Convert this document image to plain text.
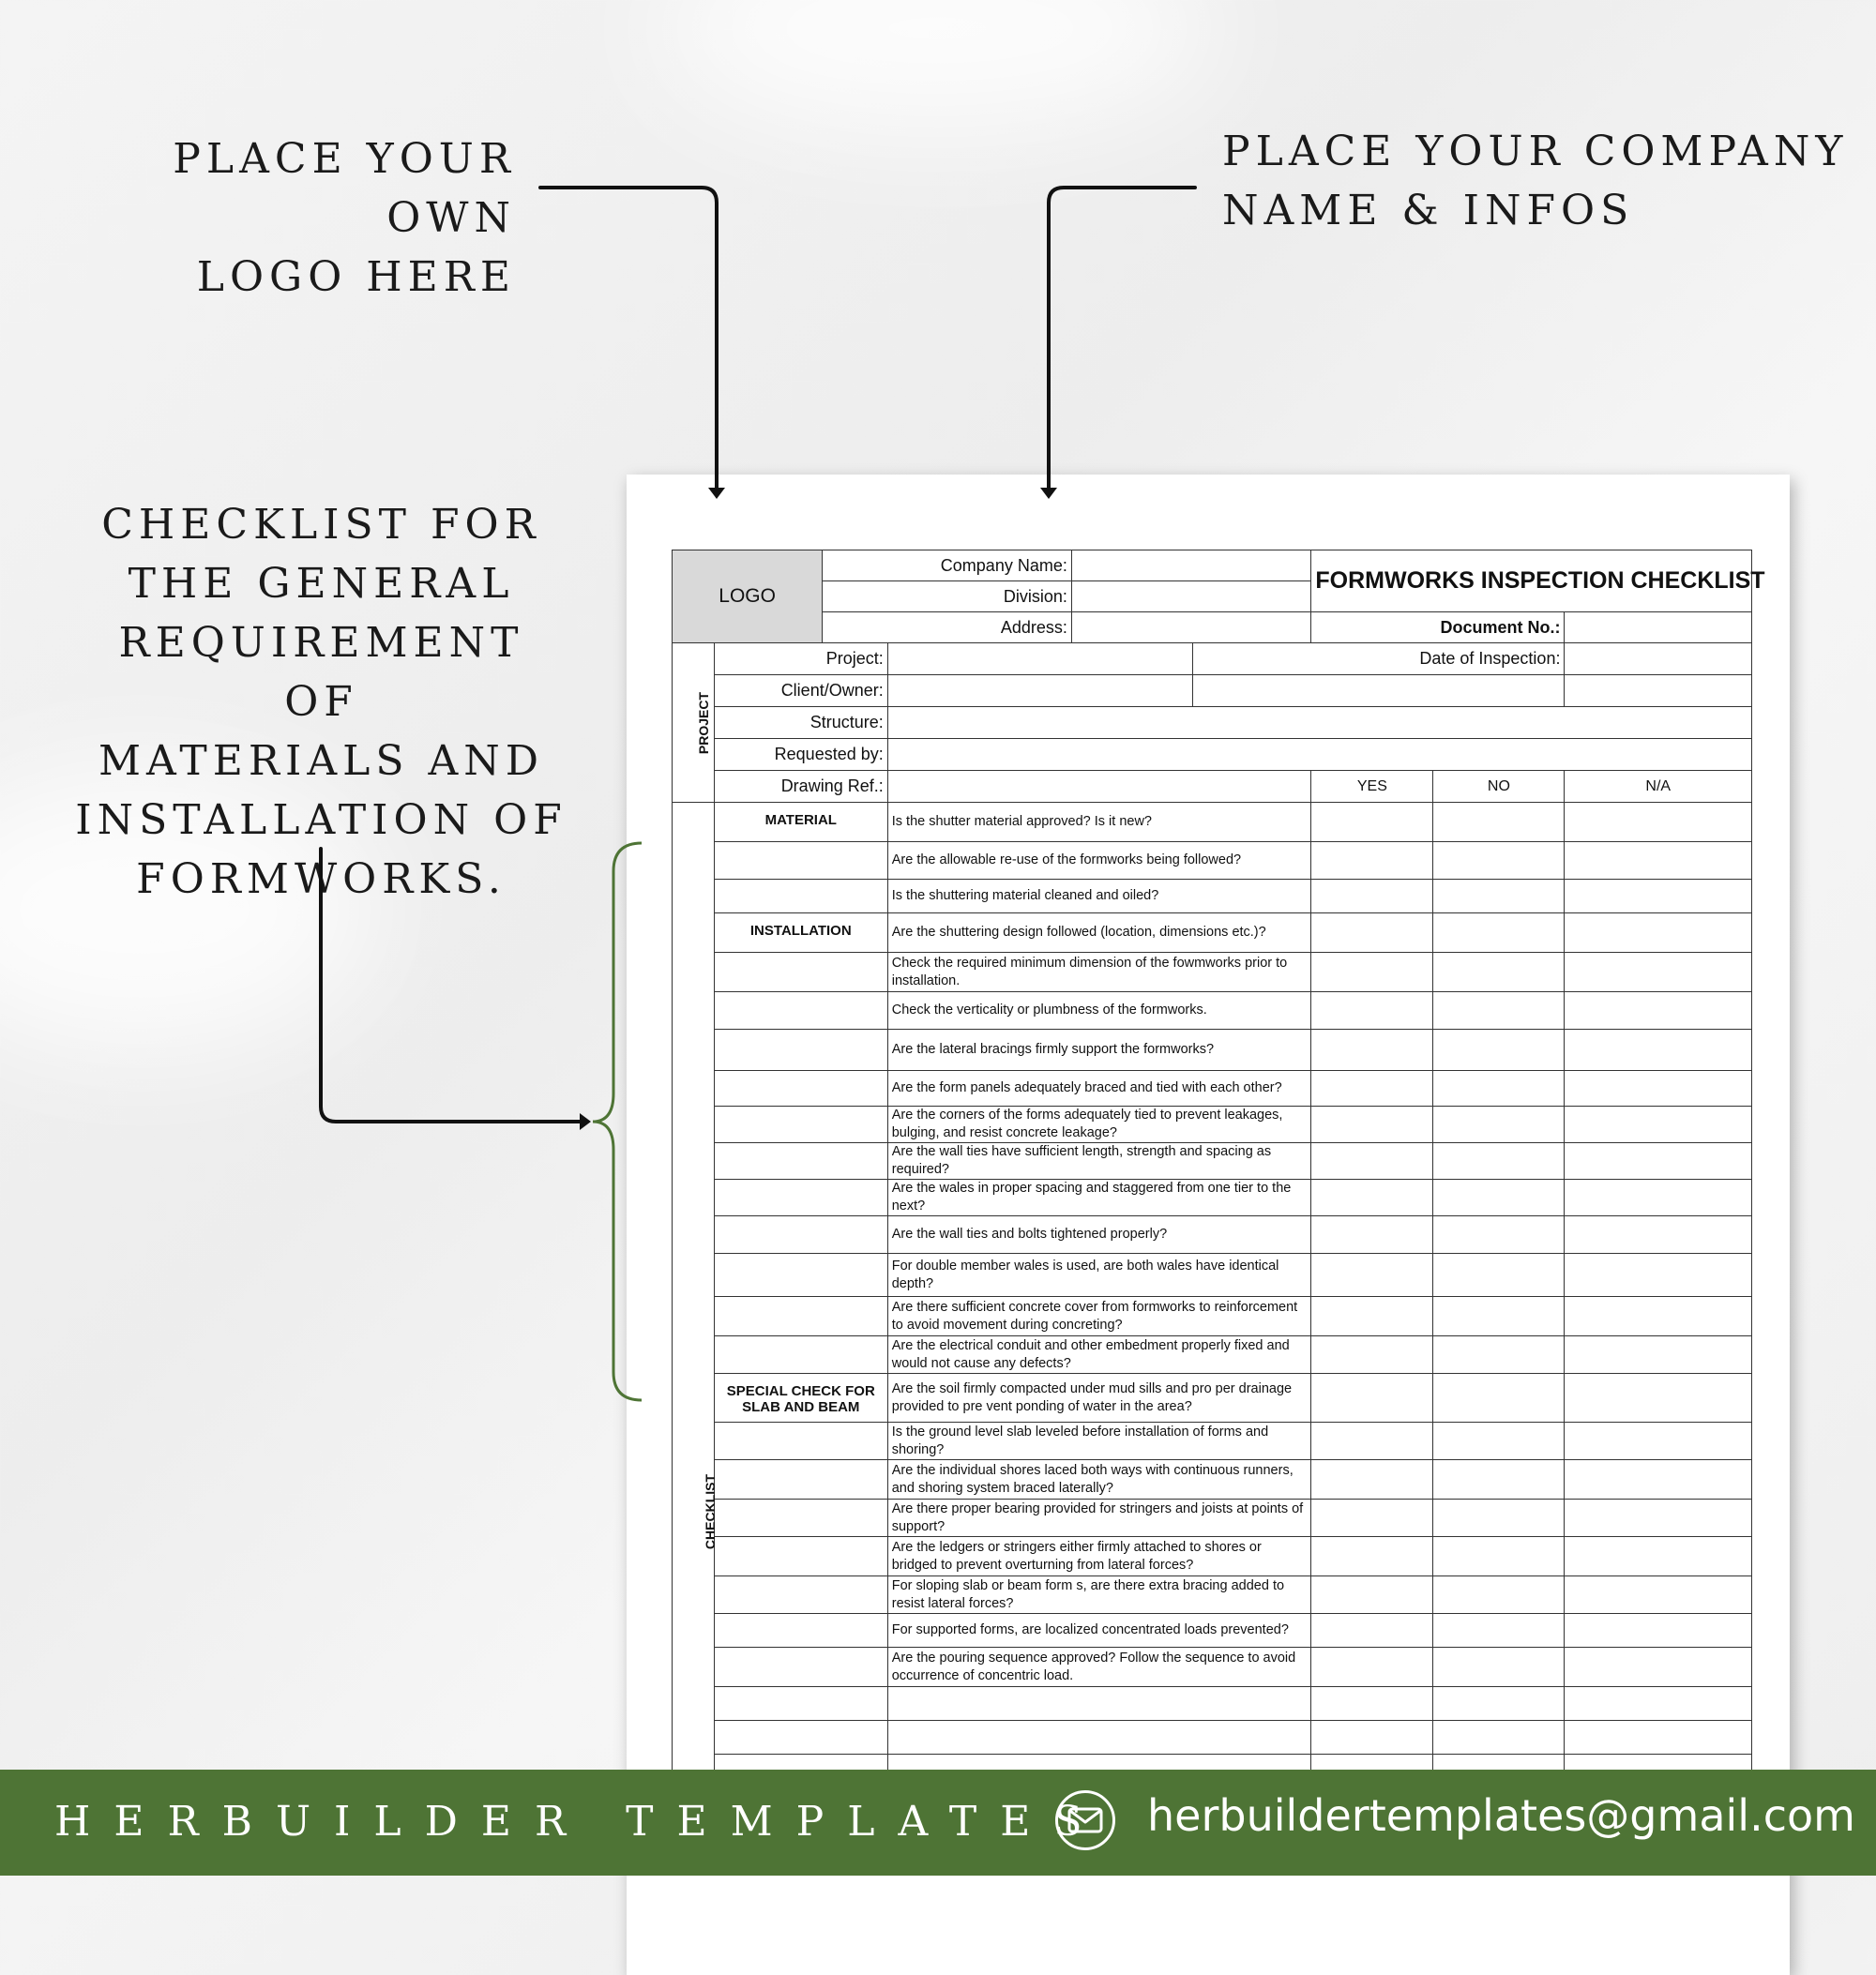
PLACE YOUR OWN
LOGO HERE
PLACE YOUR COMPANY
NAME & INFOS
CHECKLIST FOR
THE GENERAL
REQUIREMENT OF
MATERIALS AND
INSTALLATION OF
FORMWORKS.
LOGO		Company Name:				FORMWORKS INSPECTION CHECKLIST		
		Division:						
		Address:				Document No.:		
PROJECT	Project:				Date of Inspection:			
	Client/Owner:							
	Structure:							
	Requested by:							
	Drawing Ref.:					YES	NO	N/A
CHECKLIST	MATERIAL		Is the shutter material approved? Is it new?					
			Are the allowable re-use of the formworks being followed?					
			Is the shuttering material cleaned and oiled?					
	INSTALLATION		Are the shuttering design followed (location, dimensions etc.)?					
			Check the required minimum dimension of the fowmworks prior to installation.					
			Check the verticality or plumbness of the formworks.					
			Are the lateral bracings firmly support the formworks?					
			Are the form panels adequately braced and tied with each other?					
			Are the corners of the forms adequately tied to prevent leakages, bulging, and resist concrete leakage?					
			Are the wall ties have sufficient length, strength and spacing as required?					
			Are the wales in proper spacing and staggered from one tier to the next?					
			Are the wall ties and bolts tightened properly?					
			For double member wales is used, are both wales have identical depth?					
			Are there sufficient concrete cover from formworks to reinforcement to avoid movement during concreting?					
			Are the electrical conduit and other embedment properly fixed and would not cause any defects?					
	SPECIAL CHECK FOR SLAB AND BEAM		Are the soil firmly compacted under mud sills and pro per drainage provided to pre vent ponding of water in the area?					
			Is the ground level slab leveled before installation of forms and shoring?					
			Are the individual shores laced both ways with continuous runners, and shoring system braced laterally?					
			Are there proper bearing provided for stringers and joists at points of support?					
			Are the ledgers or stringers either firmly attached to shores or bridged to prevent overturning from lateral forces?					
			For sloping slab or beam form s, are there extra bracing added to resist lateral forces?					
			For supported forms, are localized concentrated loads prevented?					
			Are the pouring sequence approved? Follow the sequence to avoid occurrence of concentric load.					

HERBUILDER TEMPLATES herbuildertemplates@gmail.com
